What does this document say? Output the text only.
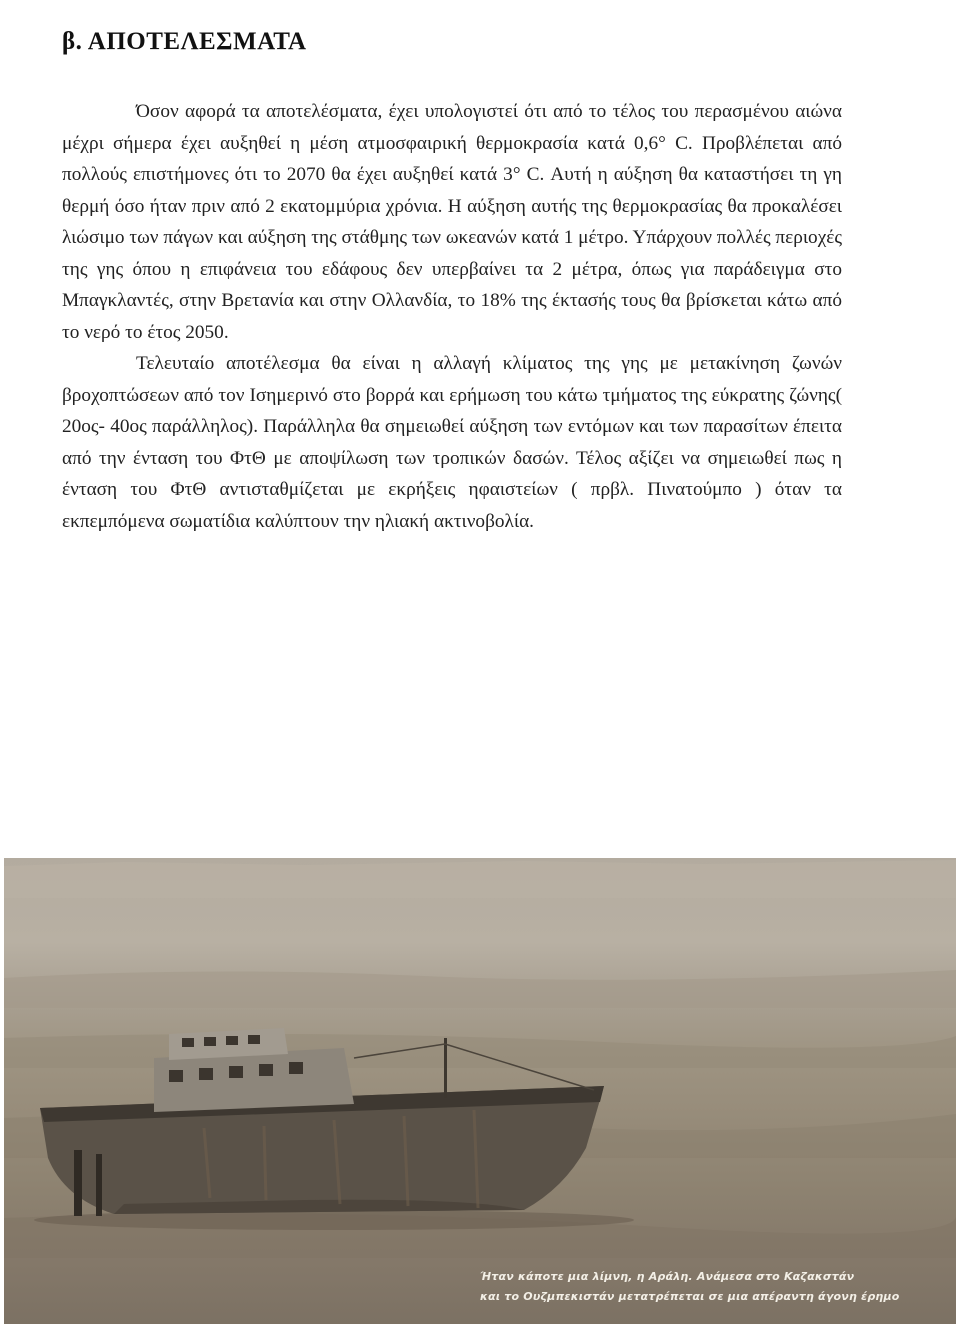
β. ΑΠΟΤΕΛΕΣΜΑΤΑ

Όσον αφορά τα αποτελέσματα, έχει υπολογιστεί ότι από το τέλος του περασμένου αιώνα μέχρι σήμερα έχει αυξηθεί η μέση ατμοσφαιρική θερμοκρασία κατά 0,6° C. Προβλέπεται από πολλούς επιστήμονες ότι το 2070 θα έχει αυξηθεί κατά 3° C. Αυτή η αύξηση θα καταστήσει τη γη θερμή όσο ήταν πριν από 2 εκατομμύρια χρόνια. Η αύξηση αυτής της θερμοκρασίας θα προκαλέσει λιώσιμο των πάγων και αύξηση της στάθμης των ωκεανών κατά 1 μέτρο. Υπάρχουν πολλές περιοχές της γης όπου η επιφάνεια του εδάφους δεν υπερβαίνει τα 2 μέτρα, όπως για παράδειγμα στο Μπαγκλαντές, στην Βρετανία και στην Ολλανδία, το 18% της έκτασής τους θα βρίσκεται κάτω από το νερό το έτος 2050.

Τελευταίο αποτέλεσμα θα είναι η αλλαγή κλίματος της γης με μετακίνηση ζωνών βροχοπτώσεων από τον Ισημερινό στο βορρά και ερήμωση του κάτω τμήματος της εύκρατης ζώνης( 20ος- 40ος παράλληλος). Παράλληλα θα σημειωθεί αύξηση των εντόμων και των παρασίτων έπειτα από την ένταση του ΦτΘ με αποψίλωση των τροπικών δασών. Τέλος αξίζει να σημειωθεί πως η ένταση του ΦτΘ αντισταθμίζεται με εκρήξεις ηφαιστείων ( πρβλ. Πινατούμπο ) όταν τα εκπεμπόμενα σωματίδια καλύπτουν την ηλιακή ακτινοβολία.

Ήταν κάποτε μια λίμνη, η Αράλη. Ανάμεσα στο Καζακστάν
και το Ουζμπεκιστάν μετατρέπεται σε μια απέραντη άγονη έρημο
